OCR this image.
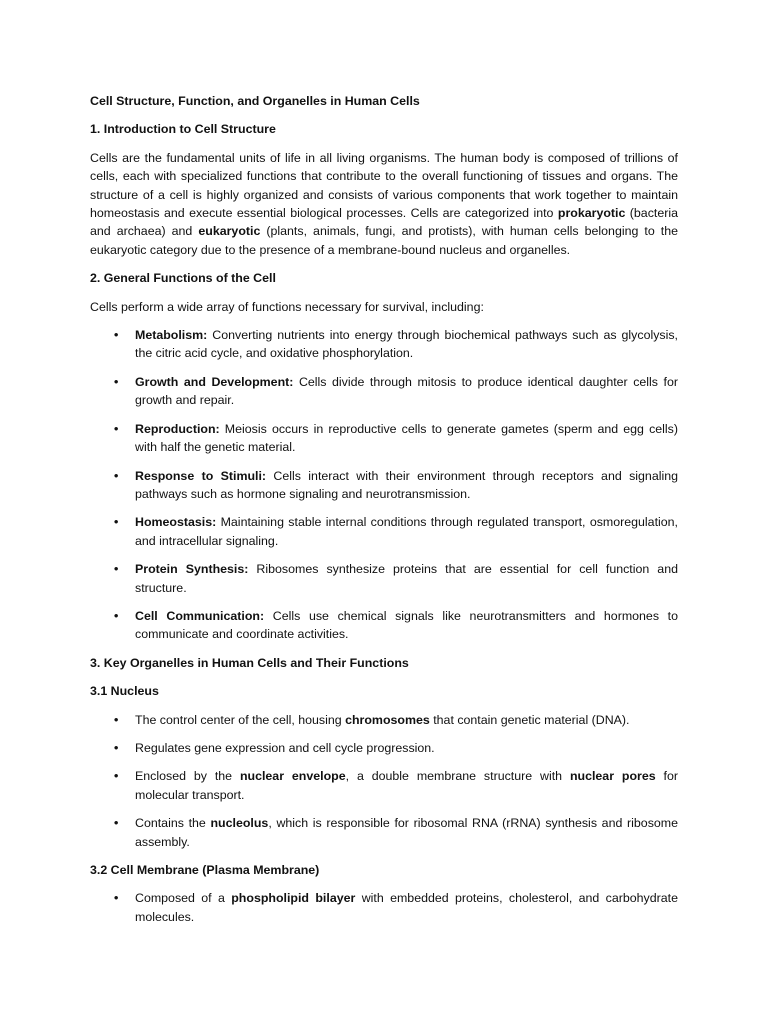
Cell Structure, Function, and Organelles in Human Cells

1. Introduction to Cell Structure

Cells are the fundamental units of life in all living organisms. The human body is composed of trillions of cells, each with specialized functions that contribute to the overall functioning of tissues and organs. The structure of a cell is highly organized and consists of various components that work together to maintain homeostasis and execute essential biological processes. Cells are categorized into prokaryotic (bacteria and archaea) and eukaryotic (plants, animals, fungi, and protists), with human cells belonging to the eukaryotic category due to the presence of a membrane-bound nucleus and organelles.

2. General Functions of the Cell

Cells perform a wide array of functions necessary for survival, including:

• Metabolism: Converting nutrients into energy through biochemical pathways such as glycolysis, the citric acid cycle, and oxidative phosphorylation.
• Growth and Development: Cells divide through mitosis to produce identical daughter cells for growth and repair.
• Reproduction: Meiosis occurs in reproductive cells to generate gametes (sperm and egg cells) with half the genetic material.
• Response to Stimuli: Cells interact with their environment through receptors and signaling pathways such as hormone signaling and neurotransmission.
• Homeostasis: Maintaining stable internal conditions through regulated transport, osmoregulation, and intracellular signaling.
• Protein Synthesis: Ribosomes synthesize proteins that are essential for cell function and structure.
• Cell Communication: Cells use chemical signals like neurotransmitters and hormones to communicate and coordinate activities.

3. Key Organelles in Human Cells and Their Functions

3.1 Nucleus

• The control center of the cell, housing chromosomes that contain genetic material (DNA).
• Regulates gene expression and cell cycle progression.
• Enclosed by the nuclear envelope, a double membrane structure with nuclear pores for molecular transport.
• Contains the nucleolus, which is responsible for ribosomal RNA (rRNA) synthesis and ribosome assembly.

3.2 Cell Membrane (Plasma Membrane)

• Composed of a phospholipid bilayer with embedded proteins, cholesterol, and carbohydrate molecules.
